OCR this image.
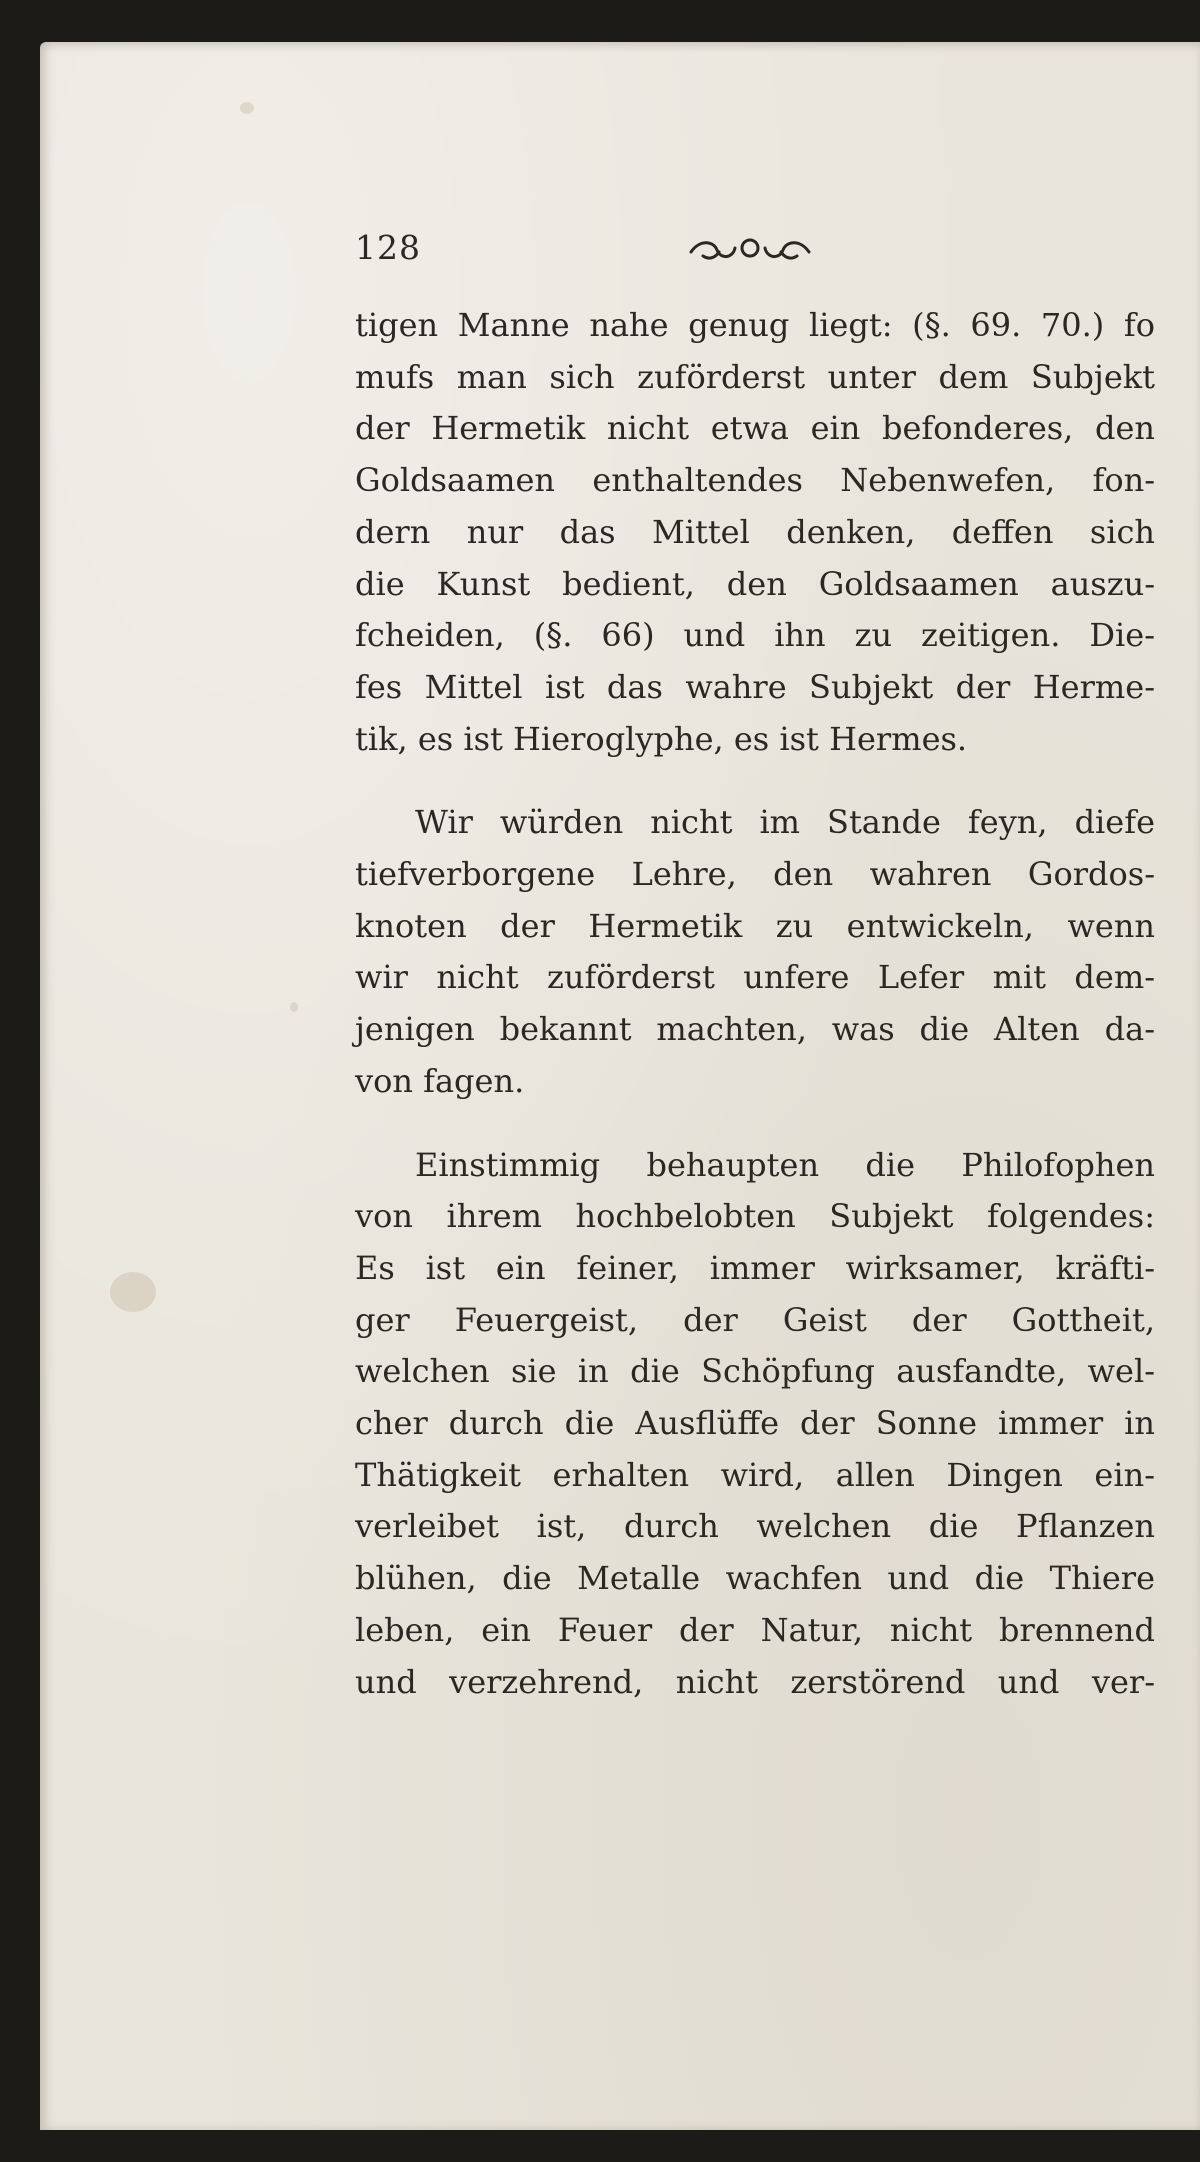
128

tigen Manne nahe genug liegt: (§. 69. 70.) fo
mufs man sich zuförderst unter dem Subjekt
der Hermetik nicht etwa ein befonderes, den
Goldsaamen enthaltendes Nebenwefen, fon-
dern nur das Mittel denken, deffen sich
die Kunst bedient, den Goldsaamen auszu-
fcheiden, (§. 66) und ihn zu zeitigen. Die-
fes Mittel ist das wahre Subjekt der Herme-
tik, es ist Hieroglyphe, es ist Hermes.

Wir würden nicht im Stande feyn, diefe
tiefverborgene Lehre, den wahren Gordos-
knoten der Hermetik zu entwickeln, wenn
wir nicht zuförderst unfere Lefer mit dem-
jenigen bekannt machten, was die Alten da-
von fagen.

Einstimmig behaupten die Philofophen
von ihrem hochbelobten Subjekt folgendes:
Es ist ein feiner, immer wirksamer, kräfti-
ger Feuergeist, der Geist der Gottheit,
welchen sie in die Schöpfung ausfandte, wel-
cher durch die Ausflüffe der Sonne immer in
Thätigkeit erhalten wird, allen Dingen ein-
verleibet ist, durch welchen die Pflanzen
blühen, die Metalle wachfen und die Thiere
leben, ein Feuer der Natur, nicht brennend
und verzehrend, nicht zerstörend und ver-
